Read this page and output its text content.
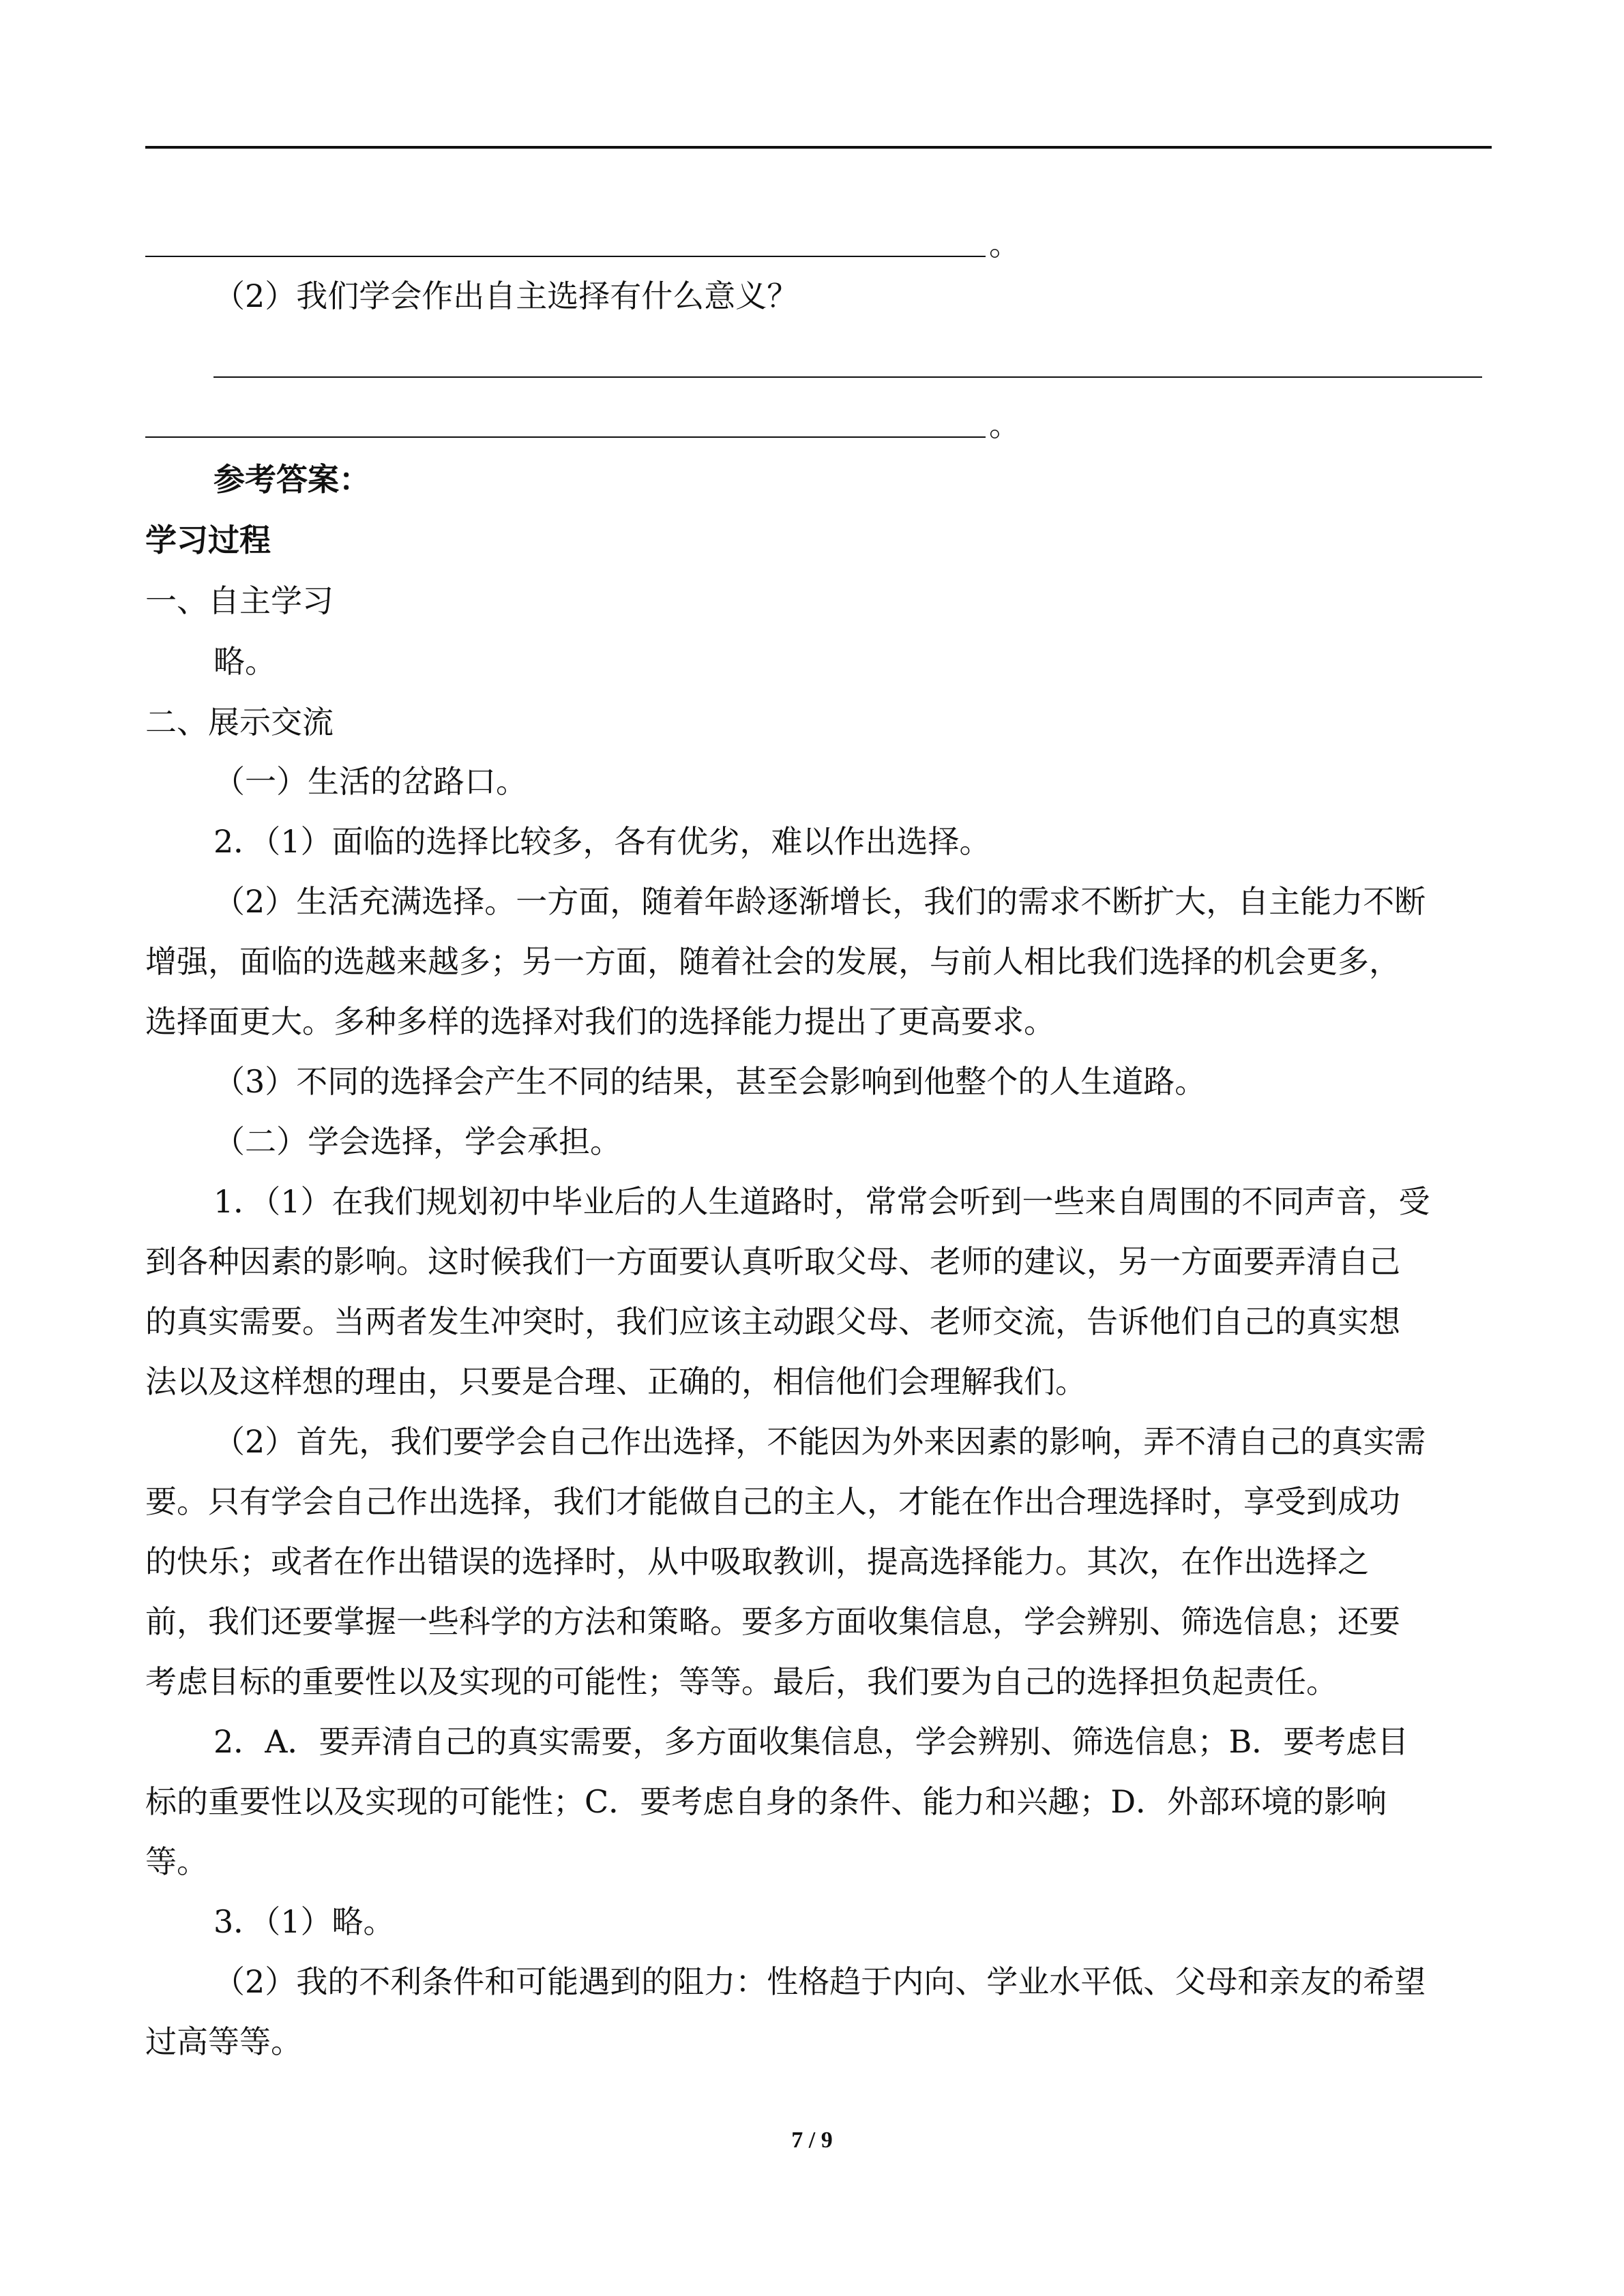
。
（2）我们学会作出自主选择有什么意义？
。
参考答案：
学习过程
一、自主学习
略。
二、展示交流
（一）生活的岔路口。
2．（1）面临的选择比较多，各有优劣，难以作出选择。
（2）生活充满选择。一方面，随着年龄逐渐增长，我们的需求不断扩大，自主能力不断
增强，面临的选越来越多；另一方面，随着社会的发展，与前人相比我们选择的机会更多，
选择面更大。多种多样的选择对我们的选择能力提出了更高要求。
（3）不同的选择会产生不同的结果，甚至会影响到他整个的人生道路。
（二）学会选择，学会承担。
1．（1）在我们规划初中毕业后的人生道路时，常常会听到一些来自周围的不同声音，受
到各种因素的影响。这时候我们一方面要认真听取父母、老师的建议，另一方面要弄清自己
的真实需要。当两者发生冲突时，我们应该主动跟父母、老师交流，告诉他们自己的真实想
法以及这样想的理由，只要是合理、正确的，相信他们会理解我们。
（2）首先，我们要学会自己作出选择，不能因为外来因素的影响，弄不清自己的真实需
要。只有学会自己作出选择，我们才能做自己的主人，才能在作出合理选择时，享受到成功
的快乐；或者在作出错误的选择时，从中吸取教训，提高选择能力。其次，在作出选择之
前，我们还要掌握一些科学的方法和策略。要多方面收集信息，学会辨别、筛选信息；还要
考虑目标的重要性以及实现的可能性；等等。最后，我们要为自己的选择担负起责任。
2．A．要弄清自己的真实需要，多方面收集信息，学会辨别、筛选信息；B．要考虑目
标的重要性以及实现的可能性；C．要考虑自身的条件、能力和兴趣；D．外部环境的影响
等。
3．（1）略。
（2）我的不利条件和可能遇到的阻力：性格趋于内向、学业水平低、父母和亲友的希望
过高等等。
7 / 9
